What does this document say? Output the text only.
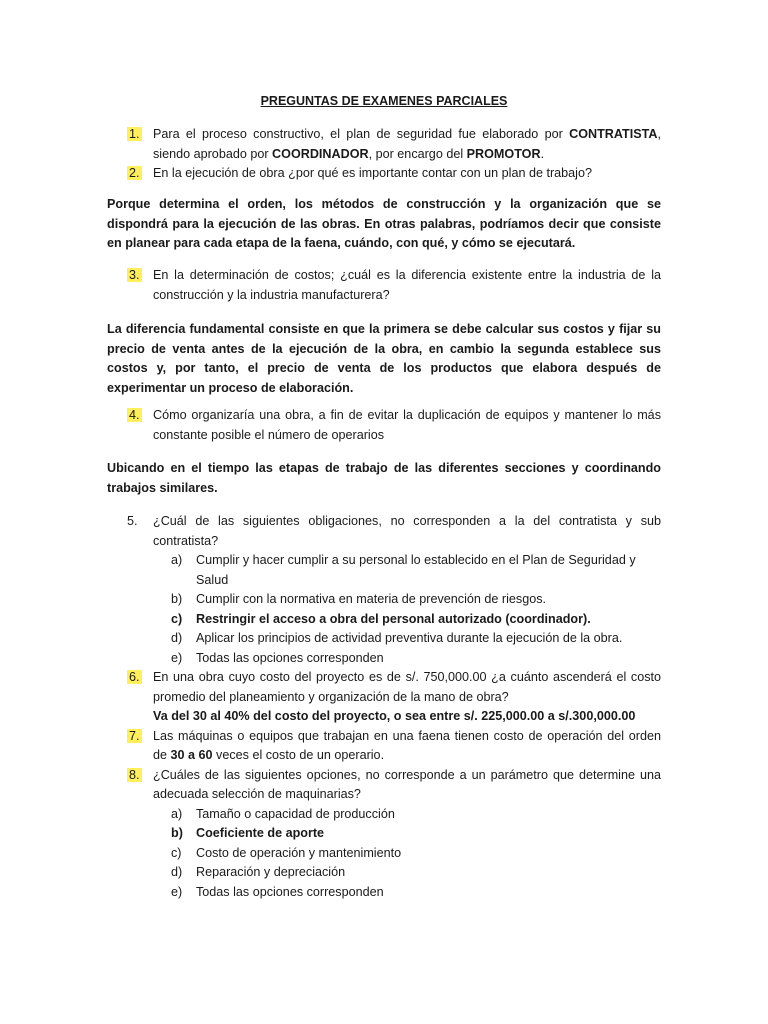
PREGUNTAS DE EXAMENES PARCIALES
1. Para el proceso constructivo, el plan de seguridad fue elaborado por CONTRATISTA, siendo aprobado por COORDINADOR, por encargo del PROMOTOR.
2. En la ejecución de obra ¿por qué es importante contar con un plan de trabajo?
Porque determina el orden, los métodos de construcción y la organización que se dispondrá para la ejecución de las obras. En otras palabras, podríamos decir que consiste en planear para cada etapa de la faena, cuándo, con qué, y cómo se ejecutará.
3. En la determinación de costos; ¿cuál es la diferencia existente entre la industria de la construcción y la industria manufacturera?
La diferencia fundamental consiste en que la primera se debe calcular sus costos y fijar su precio de venta antes de la ejecución de la obra, en cambio la segunda establece sus costos y, por tanto, el precio de venta de los productos que elabora después de experimentar un proceso de elaboración.
4. Cómo organizaría una obra, a fin de evitar la duplicación de equipos y mantener lo más constante posible el número de operarios
Ubicando en el tiempo las etapas de trabajo de las diferentes secciones y coordinando trabajos similares.
5. ¿Cuál de las siguientes obligaciones, no corresponden a la del contratista y sub contratista?
a) Cumplir y hacer cumplir a su personal lo establecido en el Plan de Seguridad y Salud
b) Cumplir con la normativa en materia de prevención de riesgos.
c) Restringir el acceso a obra del personal autorizado (coordinador).
d) Aplicar los principios de actividad preventiva durante la ejecución de la obra.
e) Todas las opciones corresponden
6. En una obra cuyo costo del proyecto es de s/. 750,000.00 ¿a cuánto ascenderá el costo promedio del planeamiento y organización de la mano de obra?
Va del 30 al 40% del costo del proyecto, o sea entre s/. 225,000.00 a s/.300,000.00
7. Las máquinas o equipos que trabajan en una faena tienen costo de operación del orden de 30 a 60 veces el costo de un operario.
8. ¿Cuáles de las siguientes opciones, no corresponde a un parámetro que determine una adecuada selección de maquinarias?
a) Tamaño o capacidad de producción
b) Coeficiente de aporte
c) Costo de operación y mantenimiento
d) Reparación y depreciación
e) Todas las opciones corresponden
